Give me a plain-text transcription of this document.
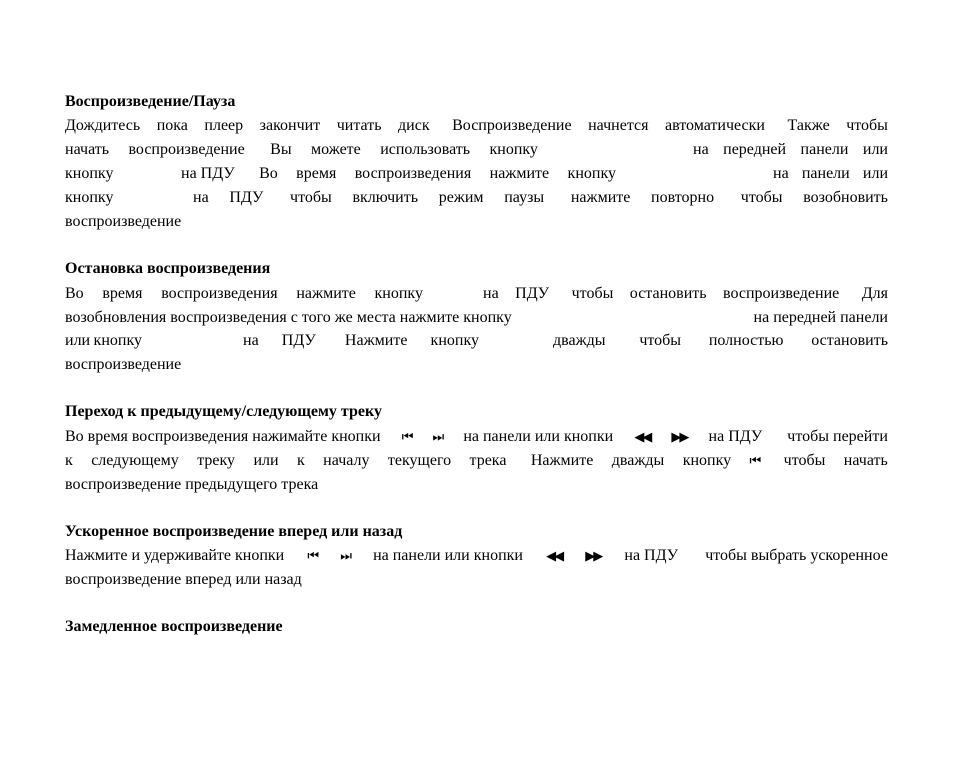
Воспроизведение/Пауза
Дождитесь пока плеер закончит читать диск Воспроизведение начнется автоматически Также чтобы
начать воспроизведение Вы можете использовать кнопку	на передней панели или
кнопку	на ПДУ Во время воспроизведения нажмите кнопку	на панели или
кнопку	на ПДУ чтобы включить режим паузы нажмите повторно чтобы возобновить
воспроизведение
Остановка воспроизведения
Во время воспроизведения нажмите кнопку	на ПДУ чтобы остановить воспроизведение Для
возобновления воспроизведения с того же места нажмите кнопку	на передней панели
или кнопку	на ПДУ Нажмите кнопку	дважды чтобы полностью остановить
воспроизведение
Переход к предыдущему/следующему треку
Во время воспроизведения нажимайте кнопки ⏮ ⏭ на панели или кнопки ◀◀ ▶▶ на ПДУ чтобы перейти
к следующему треку или к началу текущего трека Нажмите дважды кнопку ⏮ чтобы начать
воспроизведение предыдущего трека
Ускоренное воспроизведение вперед или назад
Нажмите и удерживайте кнопки ⏮ ⏭ на панели или кнопки ◀◀ ▶▶ на ПДУ чтобы выбрать ускоренное
воспроизведение вперед или назад
Замедленное воспроизведение
